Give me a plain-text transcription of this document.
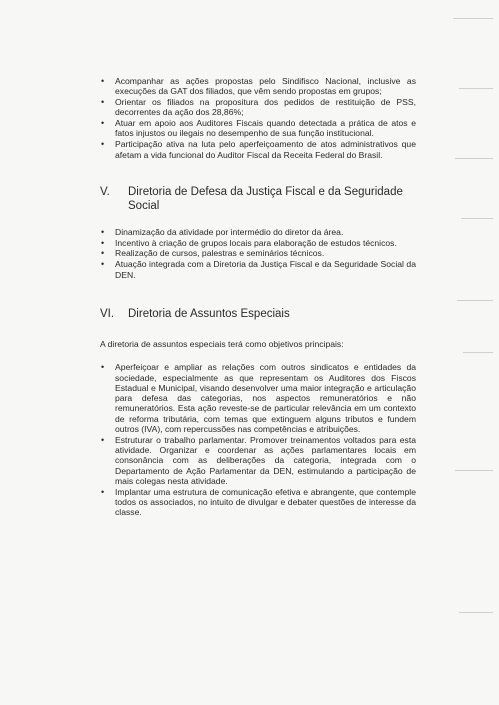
• Acompanhar as ações propostas pelo Sindifisco Nacional, inclusive as execuções da GAT dos filiados, que vêm sendo propostas em grupos;
• Orientar os filiados na propositura dos pedidos de restituição de PSS, decorrentes da ação dos 28,86%;
• Atuar em apoio aos Auditores Fiscais quando detectada a prática de atos e fatos injustos ou ilegais no desempenho de sua função institucional.
• Participação ativa na luta pelo aperfeiçoamento de atos administrativos que afetam a vida funcional do Auditor Fiscal da Receita Federal do Brasil.
V.	Diretoria de Defesa da Justiça Fiscal e da Seguridade Social
• Dinamização da atividade por intermédio do diretor da área.
• Incentivo à criação de grupos locais para elaboração de estudos técnicos.
• Realização de cursos, palestras e seminários técnicos.
• Atuação integrada com a Diretoria da Justiça Fiscal e da Seguridade Social da DEN.
VI.	Diretoria de Assuntos Especiais

A diretoria de assuntos especiais terá como objetivos principais:

• Aperfeiçoar e ampliar as relações com outros sindicatos e entidades da sociedade, especialmente as que representam os Auditores dos Fiscos Estadual e Municipal, visando desenvolver uma maior integração e articulação para defesa das categorias, nos aspectos remuneratórios e não remuneratórios. Esta ação reveste-se de particular relevância em um contexto de reforma tributária, com temas que extinguem alguns tributos e fundem outros (IVA), com repercussões nas competências e atribuições.
• Estruturar o trabalho parlamentar. Promover treinamentos voltados para esta atividade. Organizar e coordenar as ações parlamentares locais em consonância com as deliberações da categoria, integrada com o Departamento de Ação Parlamentar da DEN, estimulando a participação de mais colegas nesta atividade.
• Implantar uma estrutura de comunicação efetiva e abrangente, que contemple todos os associados, no intuito de divulgar e debater questões de interesse da classe.
